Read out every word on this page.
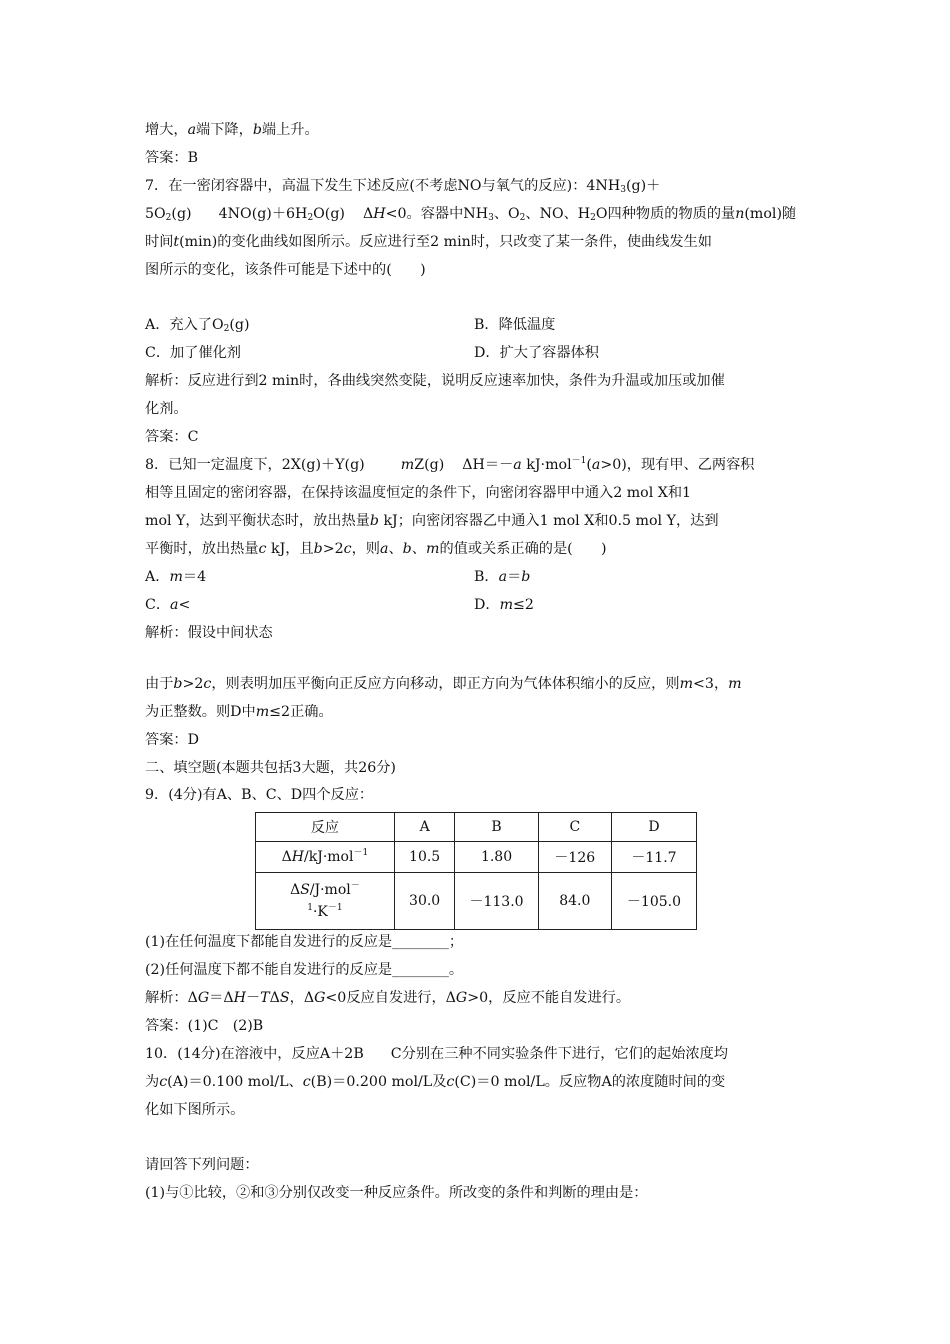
增大，a端下降，b端上升。
答案：B
7．在一密闭容器中，高温下发生下述反应(不考虑NO与氧气的反应)：$4NH_3(g)+$
$5O_2(g)$      $4NO(g)+6H_2O(g)$    ΔH<0。容器中$NH_3$、$O_2$、NO、$H_2O$四种物质的物质的量n(mol)随
时间t(min)的变化曲线如图所示。反应进行至2 min时，只改变了某一条件，使曲线发生如
图所示的变化，该条件可能是下述中的(　　)
A．充入了$O_2(g)$	B．降低温度
C．加了催化剂	D．扩大了容器体积
解析：反应进行到2 min时，各曲线突然变陡，说明反应速率加快，条件为升温或加压或加催
化剂。
答案：C
8．已知一定温度下，2X(g)＋Y(g)        mZ(g)    ΔH＝－a kJ·mol$^{-1}$(a>0)，现有甲、乙两容积
相等且固定的密闭容器，在保持该温度恒定的条件下，向密闭容器甲中通入2 mol X和1
mol Y，达到平衡状态时，放出热量b kJ；向密闭容器乙中通入1 mol X和0.5 mol Y，达到
平衡时，放出热量c kJ，且b>2c，则a、b、m的值或关系正确的是(　　)
A．m＝4	B．a＝b
C．a<	D．m≤2
解析：假设中间状态
由于b>2c，则表明加压平衡向正反应方向移动，即正方向为气体体积缩小的反应，则m<3，m
为正整数。则D中m≤2正确。
答案：D
二、填空题(本题共包括3大题，共26分)
9．(4分)有A、B、C、D四个反应：
反应	A	B	C	D
ΔH/kJ·mol$^{-1}$	10.5	1.80	－126	－11.7
ΔS/J·mol－
$^1\cdot K^{-1}$	30.0	－113.0	84.0	－105.0
(1)在任何温度下都能自发进行的反应是________；
(2)任何温度下都不能自发进行的反应是________。
解析：ΔG＝ΔH－TΔS，ΔG<0反应自发进行，ΔG>0，反应不能自发进行。
答案：(1)C　(2)B
10．(14分)在溶液中，反应A＋2B      C分别在三种不同实验条件下进行，它们的起始浓度均
为c(A)＝0.100 mol/L、c(B)＝0.200 mol/L及c(C)＝0 mol/L。反应物A的浓度随时间的变
化如下图所示。
请回答下列问题：
(1)与①比较，②和③分别仅改变一种反应条件。所改变的条件和判断的理由是：
